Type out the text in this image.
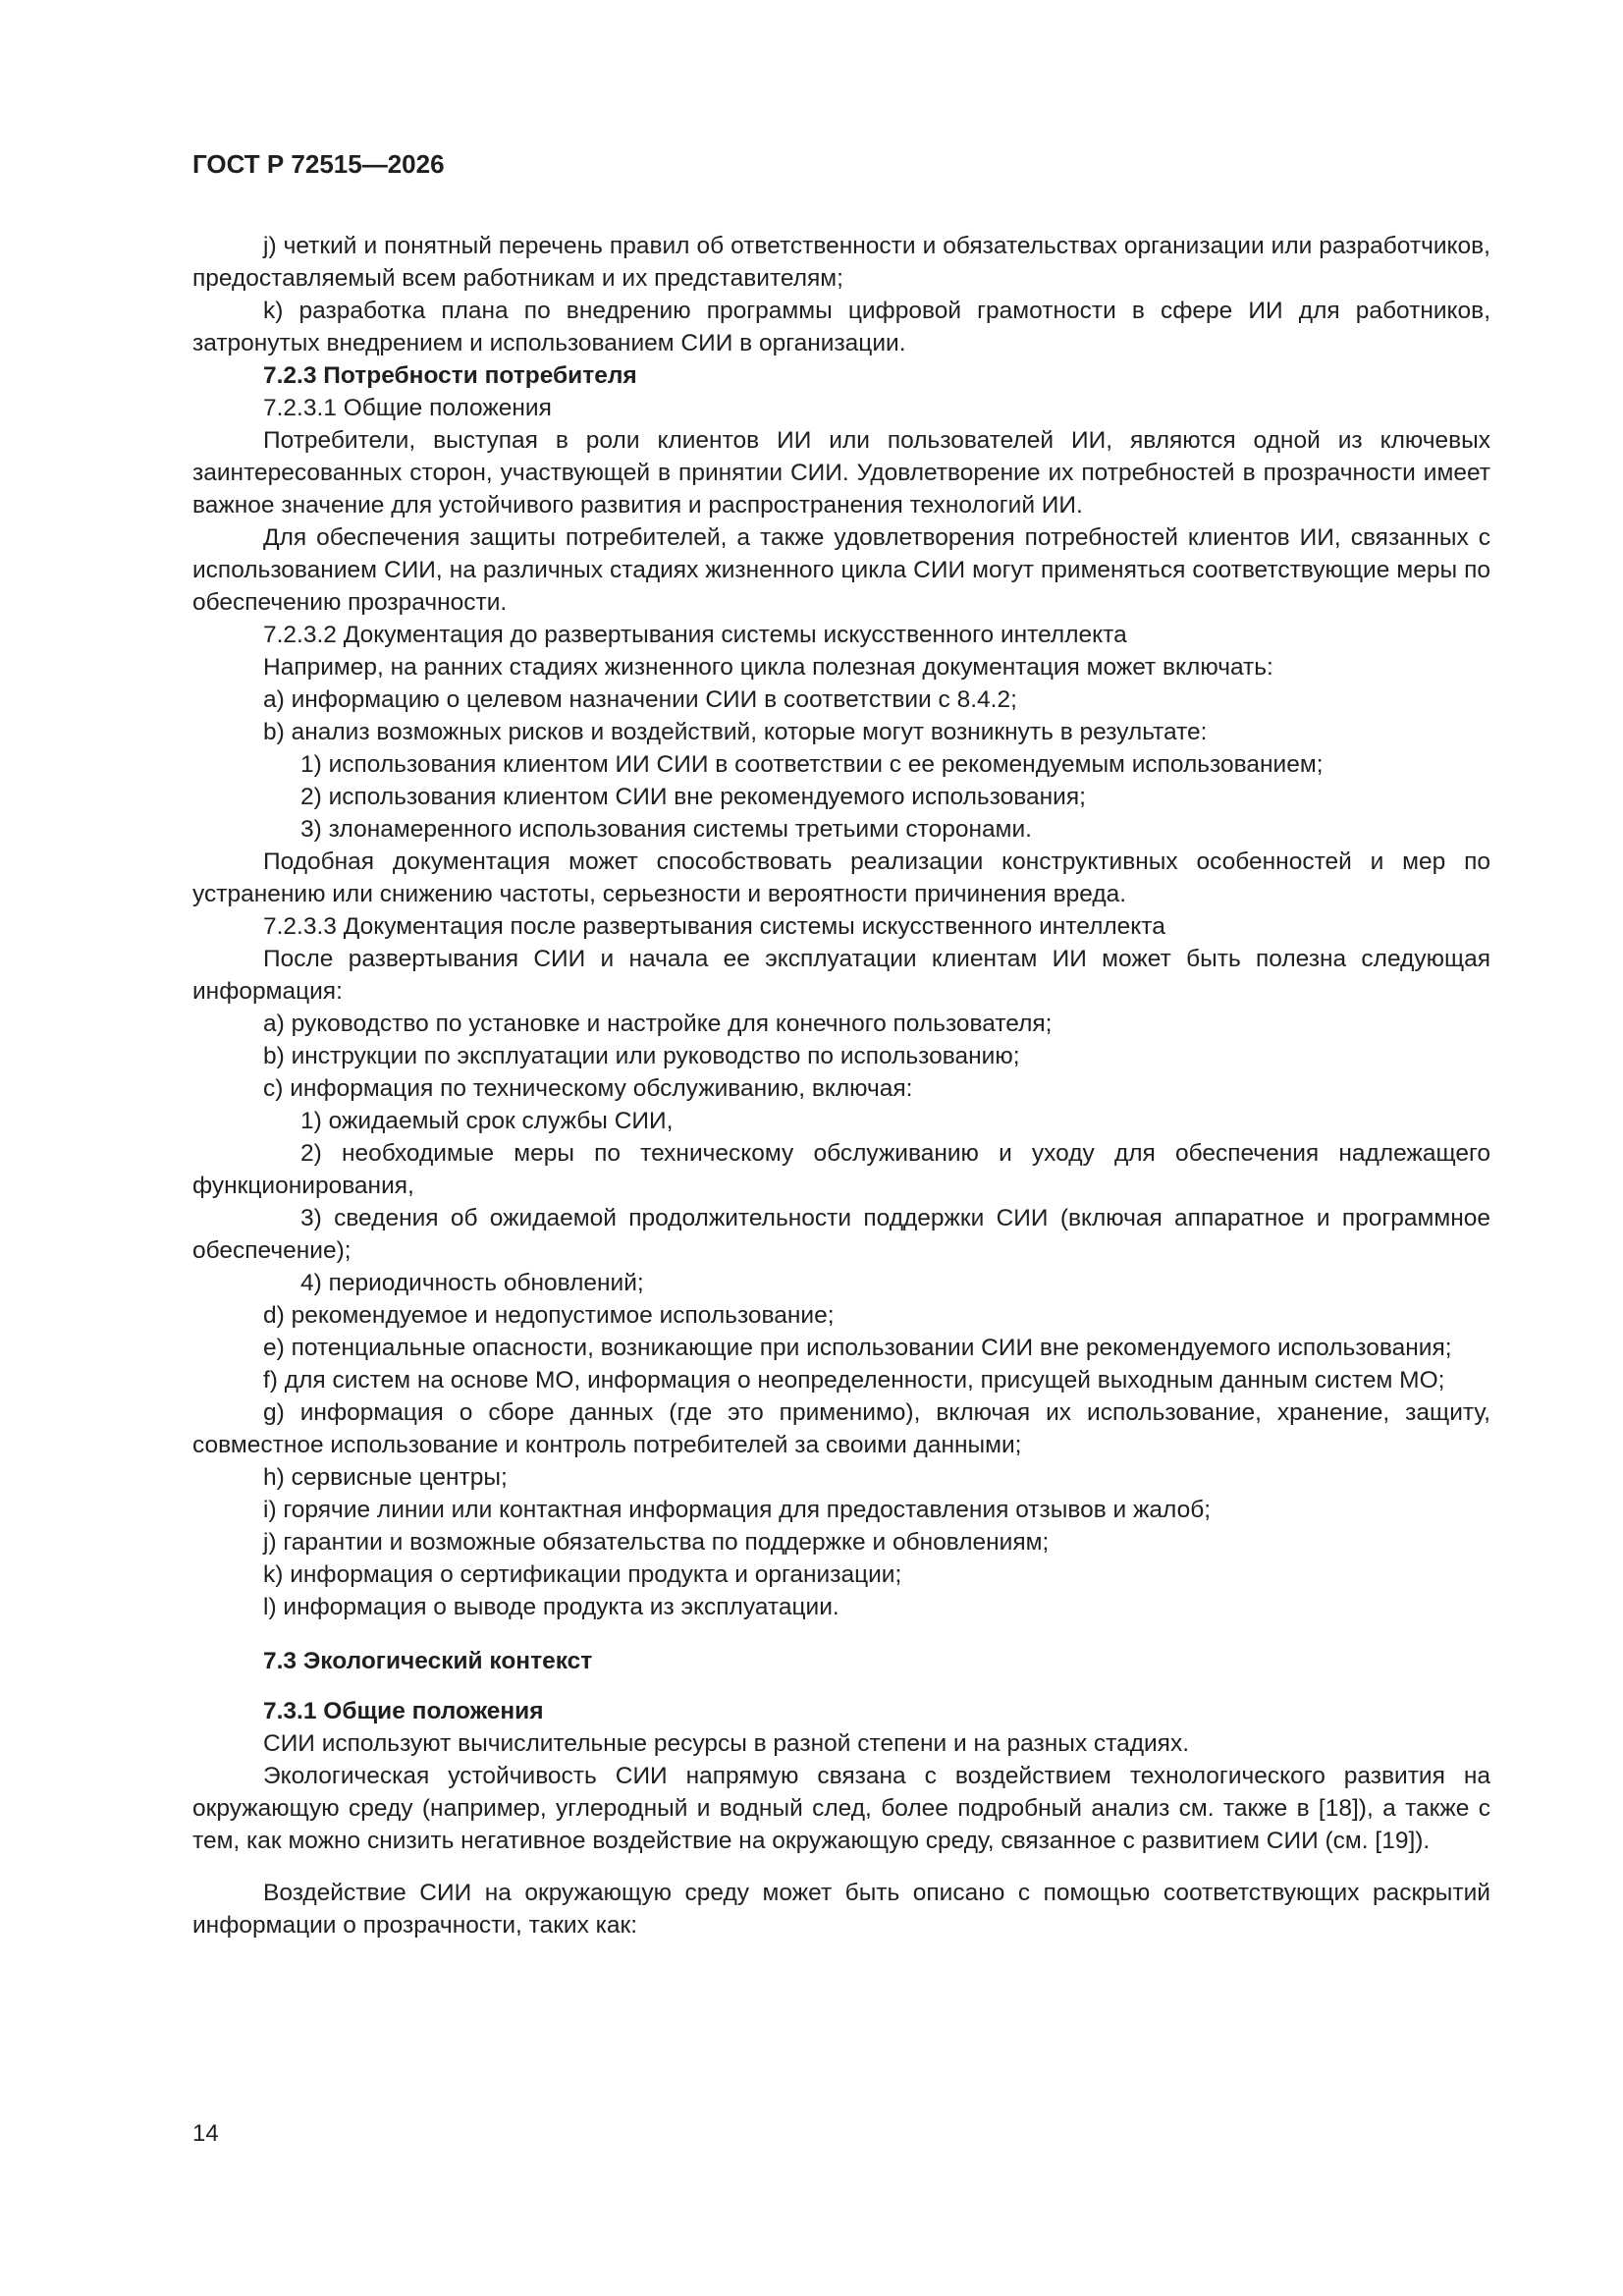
ГОСТ Р 72515—2026

j) четкий и понятный перечень правил об ответственности и обязательствах организации или разработчиков, предоставляемый всем работникам и их представителям;

k) разработка плана по внедрению программы цифровой грамотности в сфере ИИ для работников, затронутых внедрением и использованием СИИ в организации.

7.2.3 Потребности потребителя

7.2.3.1 Общие положения

Потребители, выступая в роли клиентов ИИ или пользователей ИИ, являются одной из ключевых заинтересованных сторон, участвующей в принятии СИИ. Удовлетворение их потребностей в прозрачности имеет важное значение для устойчивого развития и распространения технологий ИИ.

Для обеспечения защиты потребителей, а также удовлетворения потребностей клиентов ИИ, связанных с использованием СИИ, на различных стадиях жизненного цикла СИИ могут применяться соответствующие меры по обеспечению прозрачности.

7.2.3.2 Документация до развертывания системы искусственного интеллекта

Например, на ранних стадиях жизненного цикла полезная документация может включать:

a) информацию о целевом назначении СИИ в соответствии с 8.4.2;

b) анализ возможных рисков и воздействий, которые могут возникнуть в результате:

1) использования клиентом ИИ СИИ в соответствии с ее рекомендуемым использованием;

2) использования клиентом СИИ вне рекомендуемого использования;

3) злонамеренного использования системы третьими сторонами.

Подобная документация может способствовать реализации конструктивных особенностей и мер по устранению или снижению частоты, серьезности и вероятности причинения вреда.

7.2.3.3 Документация после развертывания системы искусственного интеллекта

После развертывания СИИ и начала ее эксплуатации клиентам ИИ может быть полезна следующая информация:

a) руководство по установке и настройке для конечного пользователя;

b) инструкции по эксплуатации или руководство по использованию;

c) информация по техническому обслуживанию, включая:

1) ожидаемый срок службы СИИ,

2) необходимые меры по техническому обслуживанию и уходу для обеспечения надлежащего функционирования,

3) сведения об ожидаемой продолжительности поддержки СИИ (включая аппаратное и программное обеспечение);

4) периодичность обновлений;

d) рекомендуемое и недопустимое использование;

e) потенциальные опасности, возникающие при использовании СИИ вне рекомендуемого использования;

f) для систем на основе МО, информация о неопределенности, присущей выходным данным систем МО;

g) информация о сборе данных (где это применимо), включая их использование, хранение, защиту, совместное использование и контроль потребителей за своими данными;

h) сервисные центры;

i) горячие линии или контактная информация для предоставления отзывов и жалоб;

j) гарантии и возможные обязательства по поддержке и обновлениям;

k) информация о сертификации продукта и организации;

l) информация о выводе продукта из эксплуатации.

7.3 Экологический контекст

7.3.1 Общие положения

СИИ используют вычислительные ресурсы в разной степени и на разных стадиях.

Экологическая устойчивость СИИ напрямую связана с воздействием технологического развития на окружающую среду (например, углеродный и водный след, более подробный анализ см. также в [18]), а также с тем, как можно снизить негативное воздействие на окружающую среду, связанное с развитием СИИ (см. [19]).

Воздействие СИИ на окружающую среду может быть описано с помощью соответствующих раскрытий информации о прозрачности, таких как:

14
